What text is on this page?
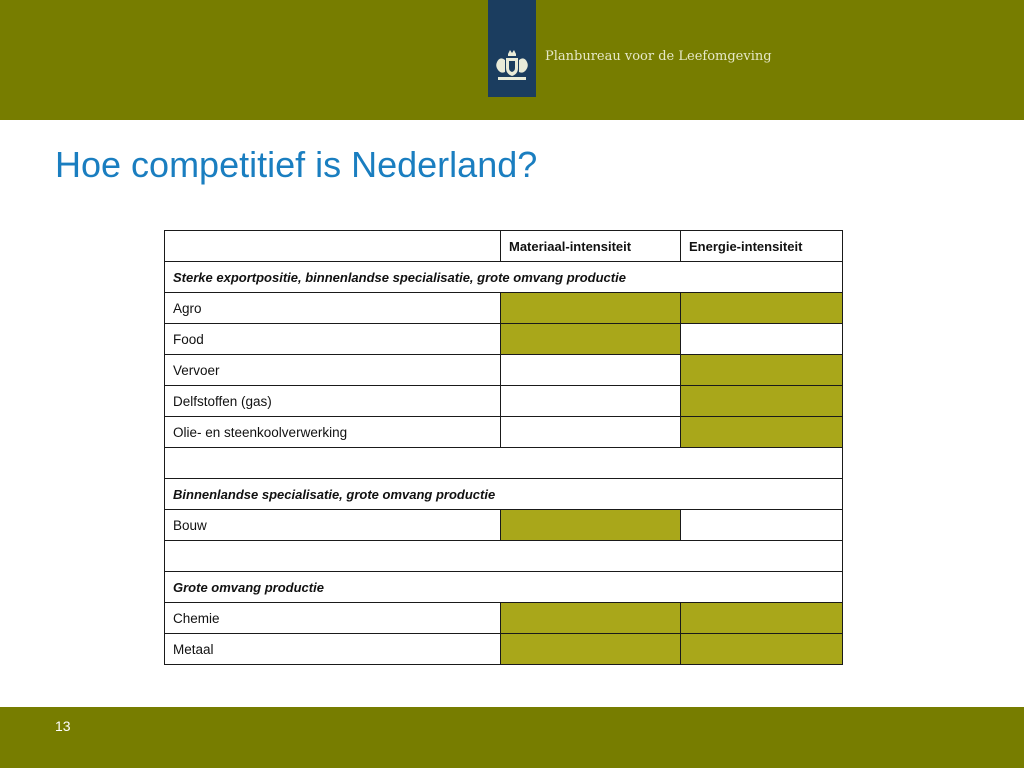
Planbureau voor de Leefomgeving
Hoe competitief is Nederland?
	Materiaal-intensiteit	Energie-intensiteit
Sterke exportpositie, binnenlandse specialisatie, grote omvang productie		
Agro		
Food		
Vervoer		
Delfstoffen (gas)		
Olie- en steenkoolverwerking		

Binnenlandse specialisatie, grote omvang productie		
Bouw		

Grote omvang productie		
Chemie		
Metaal		
13
